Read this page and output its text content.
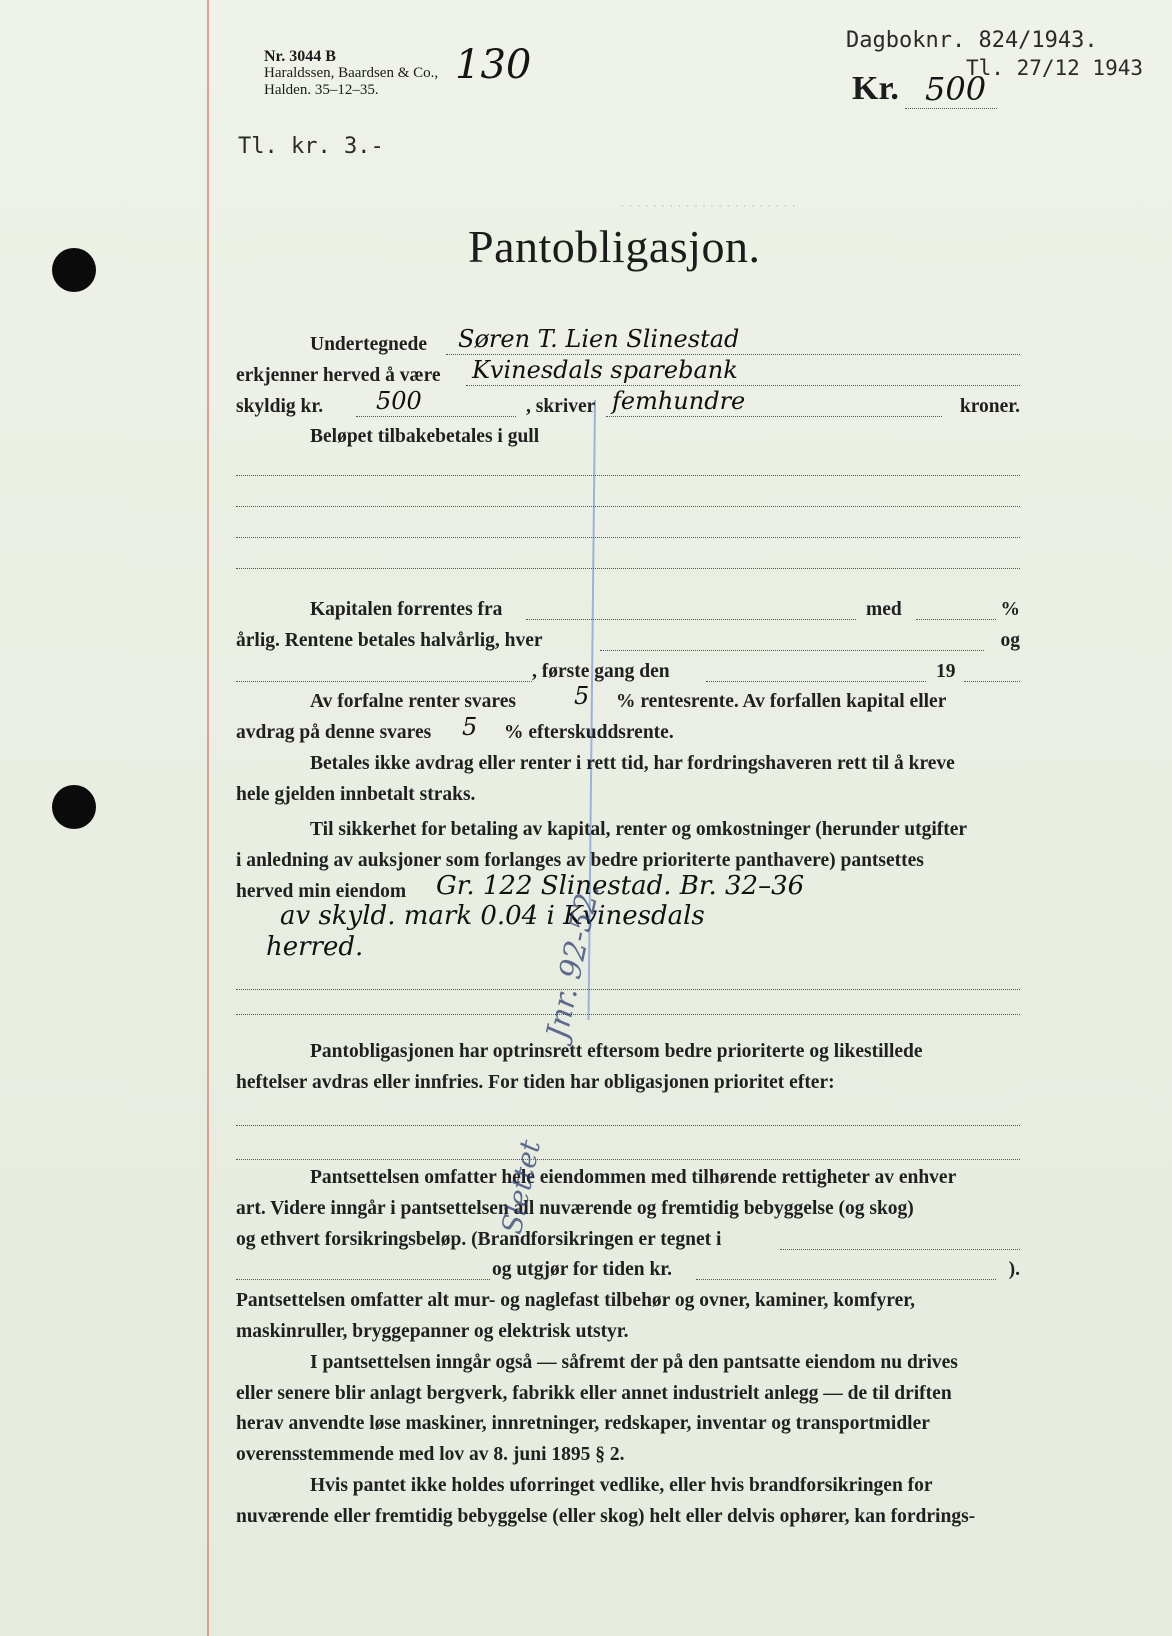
· · · · · · · · · · · · · · · · · · · · · ·
Nr. 3044 B
Haraldssen, Baardsen & Co.,
Halden. 35–12–35.
130
Dagboknr. 824/1943.
Tl. 27/12 1943
Kr. 500
Tl. kr. 3.-
Pantobligasjon.
Undertegnede Søren T. Lien Slinestad
erkjenner herved å være Kvinesdals sparebank
skyldig kr. 500	, skriver femhundre	kroner.
Beløpet tilbakebetales i gull
Kapitalen forrentes fra	med	%
årlig. Rentene betales halvårlig, hver	og
, første gang den	19
Av forfalne renter svares 5 % rentesrente. Av forfallen kapital eller
avdrag på denne svares 5 % efterskuddsrente.
Betales ikke avdrag eller renter i rett tid, har fordringshaveren rett til å kreve
hele gjelden innbetalt straks.
Til sikkerhet for betaling av kapital, renter og omkostninger (herunder utgifter
i anledning av auksjoner som forlanges av bedre prioriterte panthavere) pantsettes
herved min eiendom Gr. 122 Slinestad. Br. 32–36
av skyld. mark 0.04 i Kvinesdals
herred.
Pantobligasjonen har optrinsrett eftersom bedre prioriterte og likestillede
heftelser avdras eller innfries. For tiden har obligasjonen prioritet efter:
Pantsettelsen omfatter hele eiendommen med tilhørende rettigheter av enhver
art. Videre inngår i pantsettelsen all nuværende og fremtidig bebyggelse (og skog)
og ethvert forsikringsbeløp. (Brandforsikringen er tegnet i
og utgjør for tiden kr.	).
Pantsettelsen omfatter alt mur- og naglefast tilbehør og ovner, kaminer, komfyrer,
maskinruller, bryggepanner og elektrisk utstyr.
I pantsettelsen inngår også — såfremt der på den pantsatte eiendom nu drives
eller senere blir anlagt bergverk, fabrikk eller annet industrielt anlegg — de til driften
herav anvendte løse maskiner, innretninger, redskaper, inventar og transportmidler
overensstemmende med lov av 8. juni 1895 § 2.
Hvis pantet ikke holdes uforringet vedlike, eller hvis brandforsikringen for
nuværende eller fremtidig bebyggelse (eller skog) helt eller delvis ophører, kan fordrings-
Jnr. 92-52.
Slettet
